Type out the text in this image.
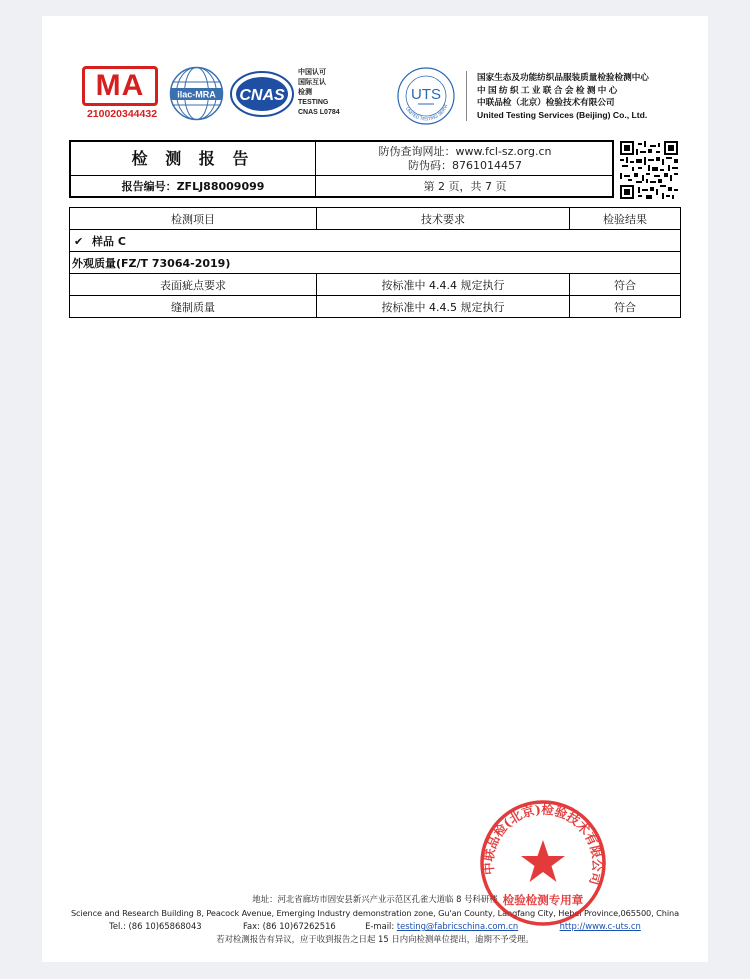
MA
210020344432
ilac-MRA CNAS
中国认可
国际互认
检测
TESTING
CNAS L0784
UTS
UNITED TESTING SERVI
国家生态及功能纺织品服装质量检验检测中心
中 国 纺 织 工 业 联 合 会 检 测 中 心
中联品检（北京）检验技术有限公司
United Testing Services (Beijing) Co., Ltd.
检 测 报 告
报告编号：ZFLJ88009099
防伪查询网址：www.fcl-sz.org.cn
防伪码：8761014457
第 2 页，共 7 页
检测项目	技术要求	检验结果
✔ 样品 C		
外观质量(FZ/T 73064-2019)		
表面疵点要求	按标准中 4.4.4 规定执行	符合
缝制质量	按标准中 4.4.5 规定执行	符合
地址：河北省廊坊市固安县新兴产业示范区孔雀大道临 8 号科研楼
Science and Research Building 8, Peacock Avenue, Emerging Industry demonstration zone, Gu'an County, Langfang City, Hebei Province,065500, China
Tel.: (86 10)65868043	Fax: (86 10)67262516	E-mail: testing@fabricschina.com.cn	http://www.c-uts.cn
若对检测报告有异议，应于收到报告之日起 15 日内向检测单位提出，逾期不予受理。
中联品检(北京)检验技术有限公司
检验检测专用章
